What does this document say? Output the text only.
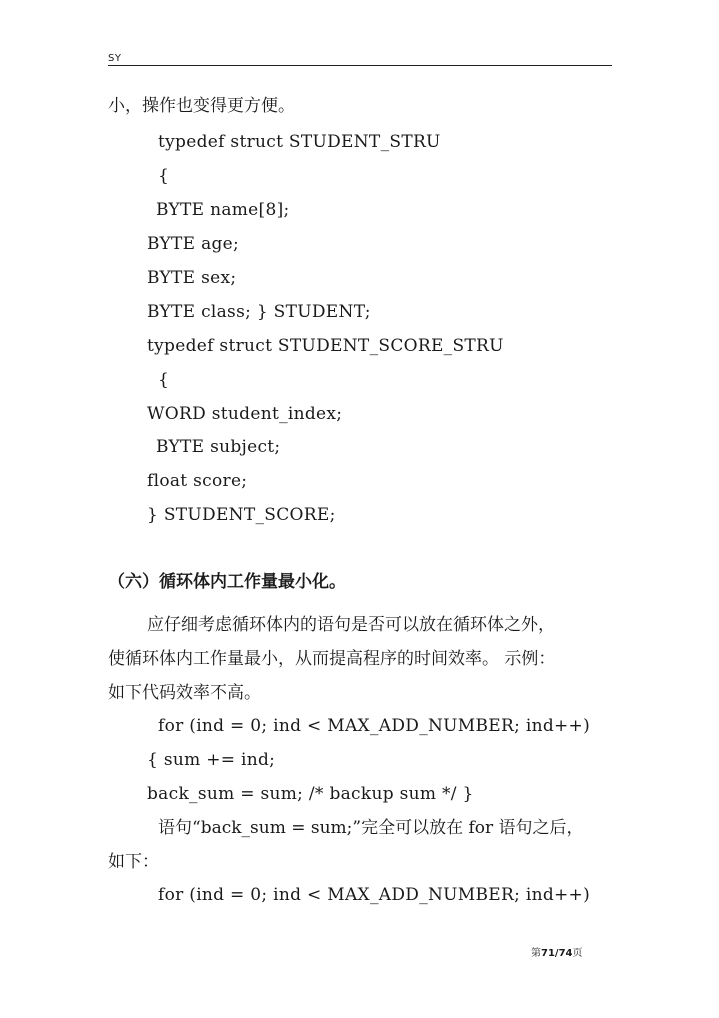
SY
小，操作也变得更方便。
typedef struct STUDENT_STRU
{
BYTE name[8];
BYTE age;
BYTE sex;
BYTE class; } STUDENT;
typedef struct STUDENT_SCORE_STRU
{
WORD student_index;
BYTE subject;
float score;
} STUDENT_SCORE;
（六）循环体内工作量最小化。
应仔细考虑循环体内的语句是否可以放在循环体之外，
使循环体内工作量最小，从而提高程序的时间效率。 示例：
如下代码效率不高。
for (ind = 0; ind < MAX_ADD_NUMBER; ind++)
{ sum += ind;
back_sum = sum; /* backup sum */ }
语句“back_sum = sum;”完全可以放在 for 语句之后，
如下：
for (ind = 0; ind < MAX_ADD_NUMBER; ind++)
第71/74页
